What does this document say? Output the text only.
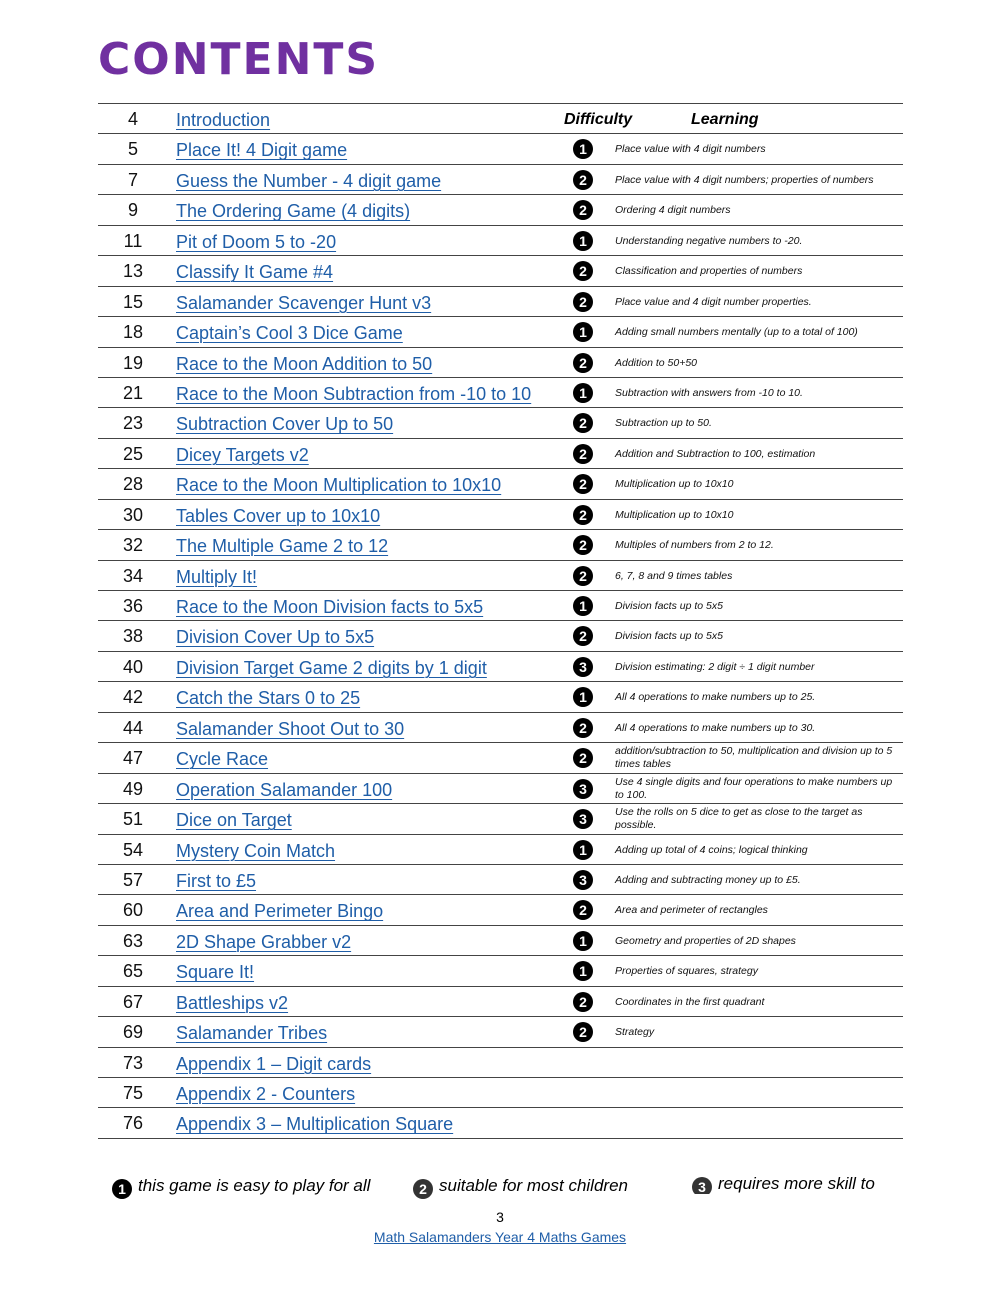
CONTENTS
4	Introduction	Difficulty	Learning
5	Place It! 4 Digit game	1	Place value with 4 digit numbers
7	Guess the Number - 4 digit game	2	Place value with 4 digit numbers; properties of numbers
9	The Ordering Game (4 digits)	2	Ordering 4 digit numbers
11	Pit of Doom 5 to -20	1	Understanding negative numbers to -20.
13	Classify It Game #4	2	Classification and properties of numbers
15	Salamander Scavenger Hunt v3	2	Place value and 4 digit number properties.
18	Captain’s Cool 3 Dice Game	1	Adding small numbers mentally (up to a total of 100)
19	Race to the Moon Addition to 50	2	Addition to 50+50
21	Race to the Moon Subtraction from -10 to 10	1	Subtraction with answers from -10 to 10.
23	Subtraction Cover Up to 50	2	Subtraction up to 50.
25	Dicey Targets v2	2	Addition and Subtraction to 100, estimation
28	Race to the Moon Multiplication to 10x10	2	Multiplication up to 10x10
30	Tables Cover up to 10x10	2	Multiplication up to 10x10
32	The Multiple Game 2 to 12	2	Multiples of numbers from 2 to 12.
34	Multiply It!	2	6, 7, 8 and 9 times tables
36	Race to the Moon Division facts to 5x5	1	Division facts up to 5x5
38	Division Cover Up to 5x5	2	Division facts up to 5x5
40	Division Target Game 2 digits by 1 digit	3	Division estimating: 2 digit ÷ 1 digit number
42	Catch the Stars 0 to 25	1	All 4 operations to make numbers up to 25.
44	Salamander Shoot Out to 30	2	All 4 operations to make numbers up to 30.
47	Cycle Race	2	addition/subtraction to 50, multiplication and division up to 5 times tables
49	Operation Salamander 100	3	Use 4 single digits and four operations to make numbers up to 100.
51	Dice on Target	3	Use the rolls on 5 dice to get as close to the target as possible.
54	Mystery Coin Match	1	Adding up total of 4 coins; logical thinking
57	First to £5	3	Adding and subtracting money up to £5.
60	Area and Perimeter Bingo	2	Area and perimeter of rectangles
63	2D Shape Grabber v2	1	Geometry and properties of 2D shapes
65	Square It!	1	Properties of squares, strategy
67	Battleships v2	2	Coordinates in the first quadrant
69	Salamander Tribes	2	Strategy
73	Appendix 1 – Digit cards
75	Appendix 2 - Counters
76	Appendix 3 – Multiplication Square
1 this game is easy to play for all	2 suitable for most children	3 requires more skill to
3
Math Salamanders Year 4 Maths Games
